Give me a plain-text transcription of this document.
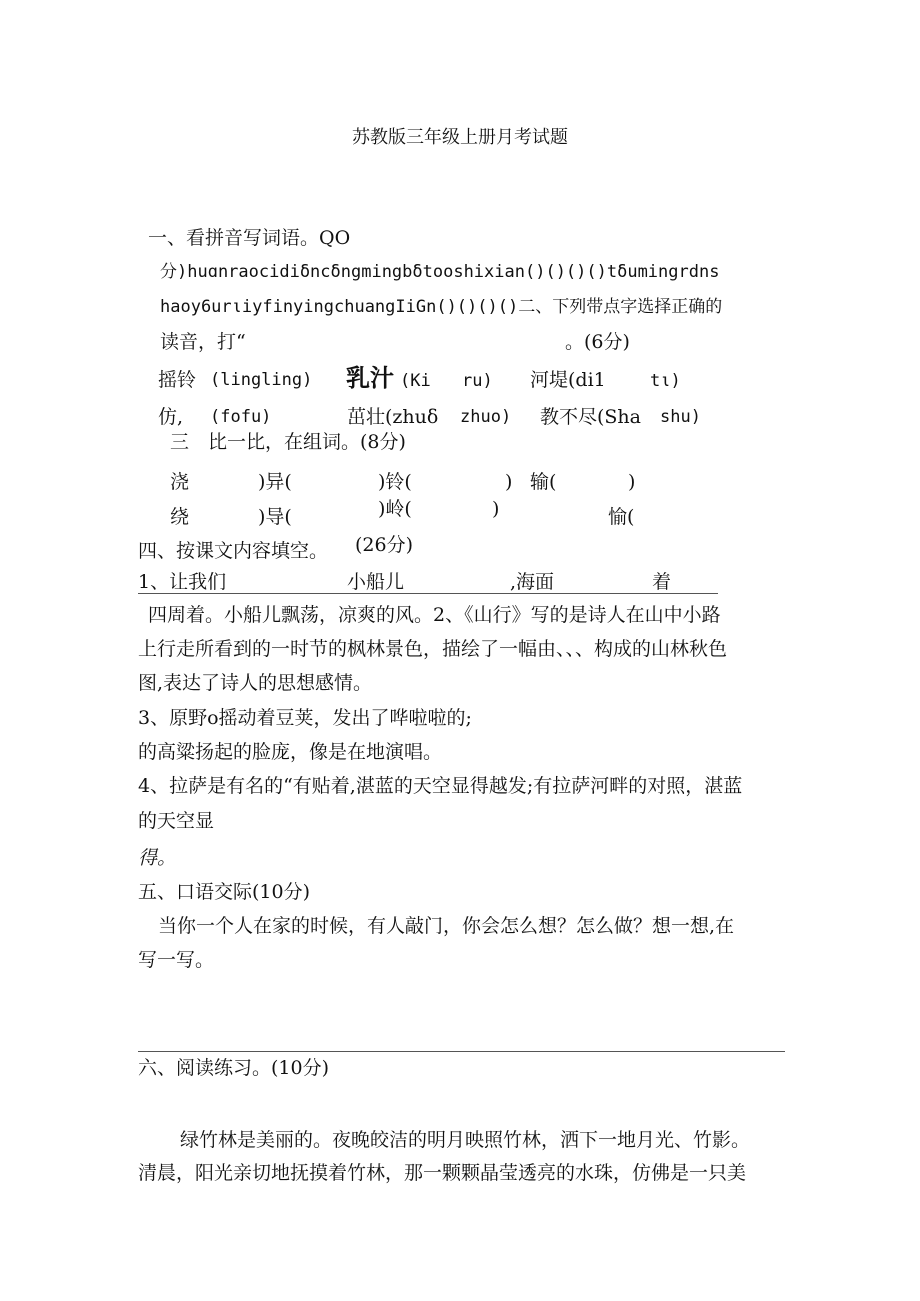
苏教版三年级上册月考试题
一、看拼音写词语。QO
分)huɑnraocidiδncδngmingbδtooshixian()()()()tδumingrdns
haoy6urιiyfinyingchuangIiGn()()()()二、下列带点字选择正确的
读音，打“	。(6分)
摇铃 (lingling) 乳汁 (Ki ru) 河堤(di1	tι)
仿, (fofu)	茁壮(zhuδ zhuo) 教不尽(Sha shu)
三　比一比，在组词。(8分)
浇	)异(	)铃(	) 输(	)
绕	)导(	)岭(	)	愉(
四、按课文内容填空。 (26分)
1、让我们	小船儿	,海面	着
四周着。小船儿飘荡，凉爽的风。2、《山行》写的是诗人在山中小路
上行走所看到的一时节的枫林景色，描绘了一幅由、、、构成的山林秋色
图,表达了诗人的思想感情。
3、原野o摇动着豆荚，发出了哗啦啦的;
的高粱扬起的脸庞，像是在地演唱。
4、拉萨是有名的“有贴着,湛蓝的天空显得越发;有拉萨河畔的对照，湛蓝
的天空显
得。
五、口语交际(10分)
当你一个人在家的时候，有人敲门，你会怎么想？怎么做？想一想,在
写一写。
六、阅读练习。(10分)
绿竹林是美丽的。夜晚皎洁的明月映照竹林，洒下一地月光、竹影。
清晨，阳光亲切地抚摸着竹林，那一颗颗晶莹透亮的水珠，仿佛是一只美
